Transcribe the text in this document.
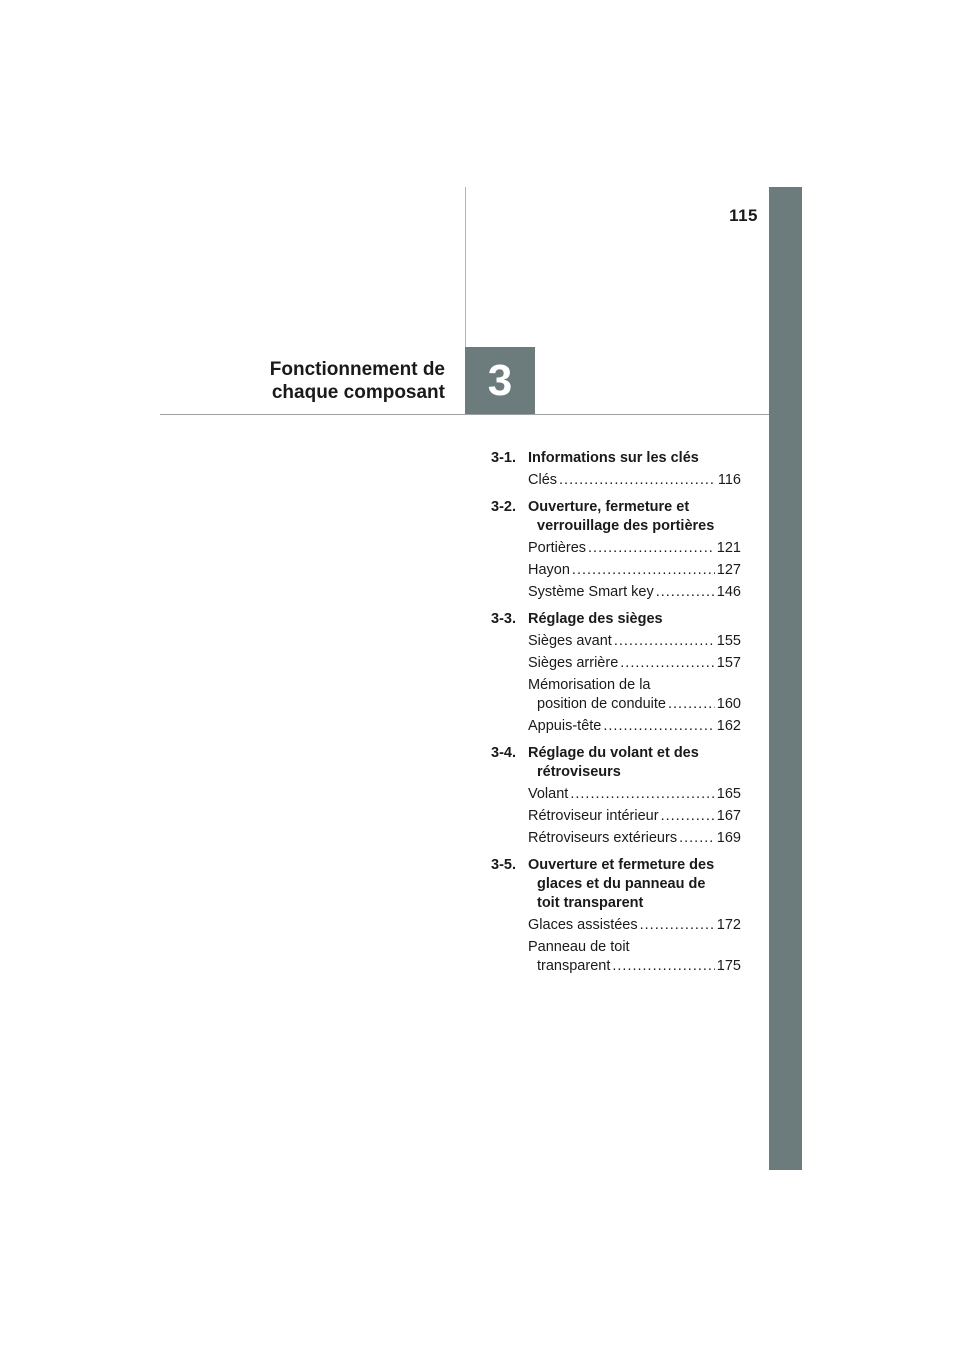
115
Fonctionnement de
chaque composant 3
3-1. Informations sur les clés
Clés .....	116
3-2. Ouverture, fermeture et
verrouillage des portières
Portières .....	121
Hayon .....	127
Système Smart key .....	146
3-3. Réglage des sièges
Sièges avant .....	155
Sièges arrière .....	157
Mémorisation de la
position de conduite .....	160
Appuis-tête .....	162
3-4. Réglage du volant et des
rétroviseurs
Volant .....	165
Rétroviseur intérieur .....	167
Rétroviseurs extérieurs .....	169
3-5. Ouverture et fermeture des
glaces et du panneau de
toit transparent
Glaces assistées .....	172
Panneau de toit
transparent .....	175
